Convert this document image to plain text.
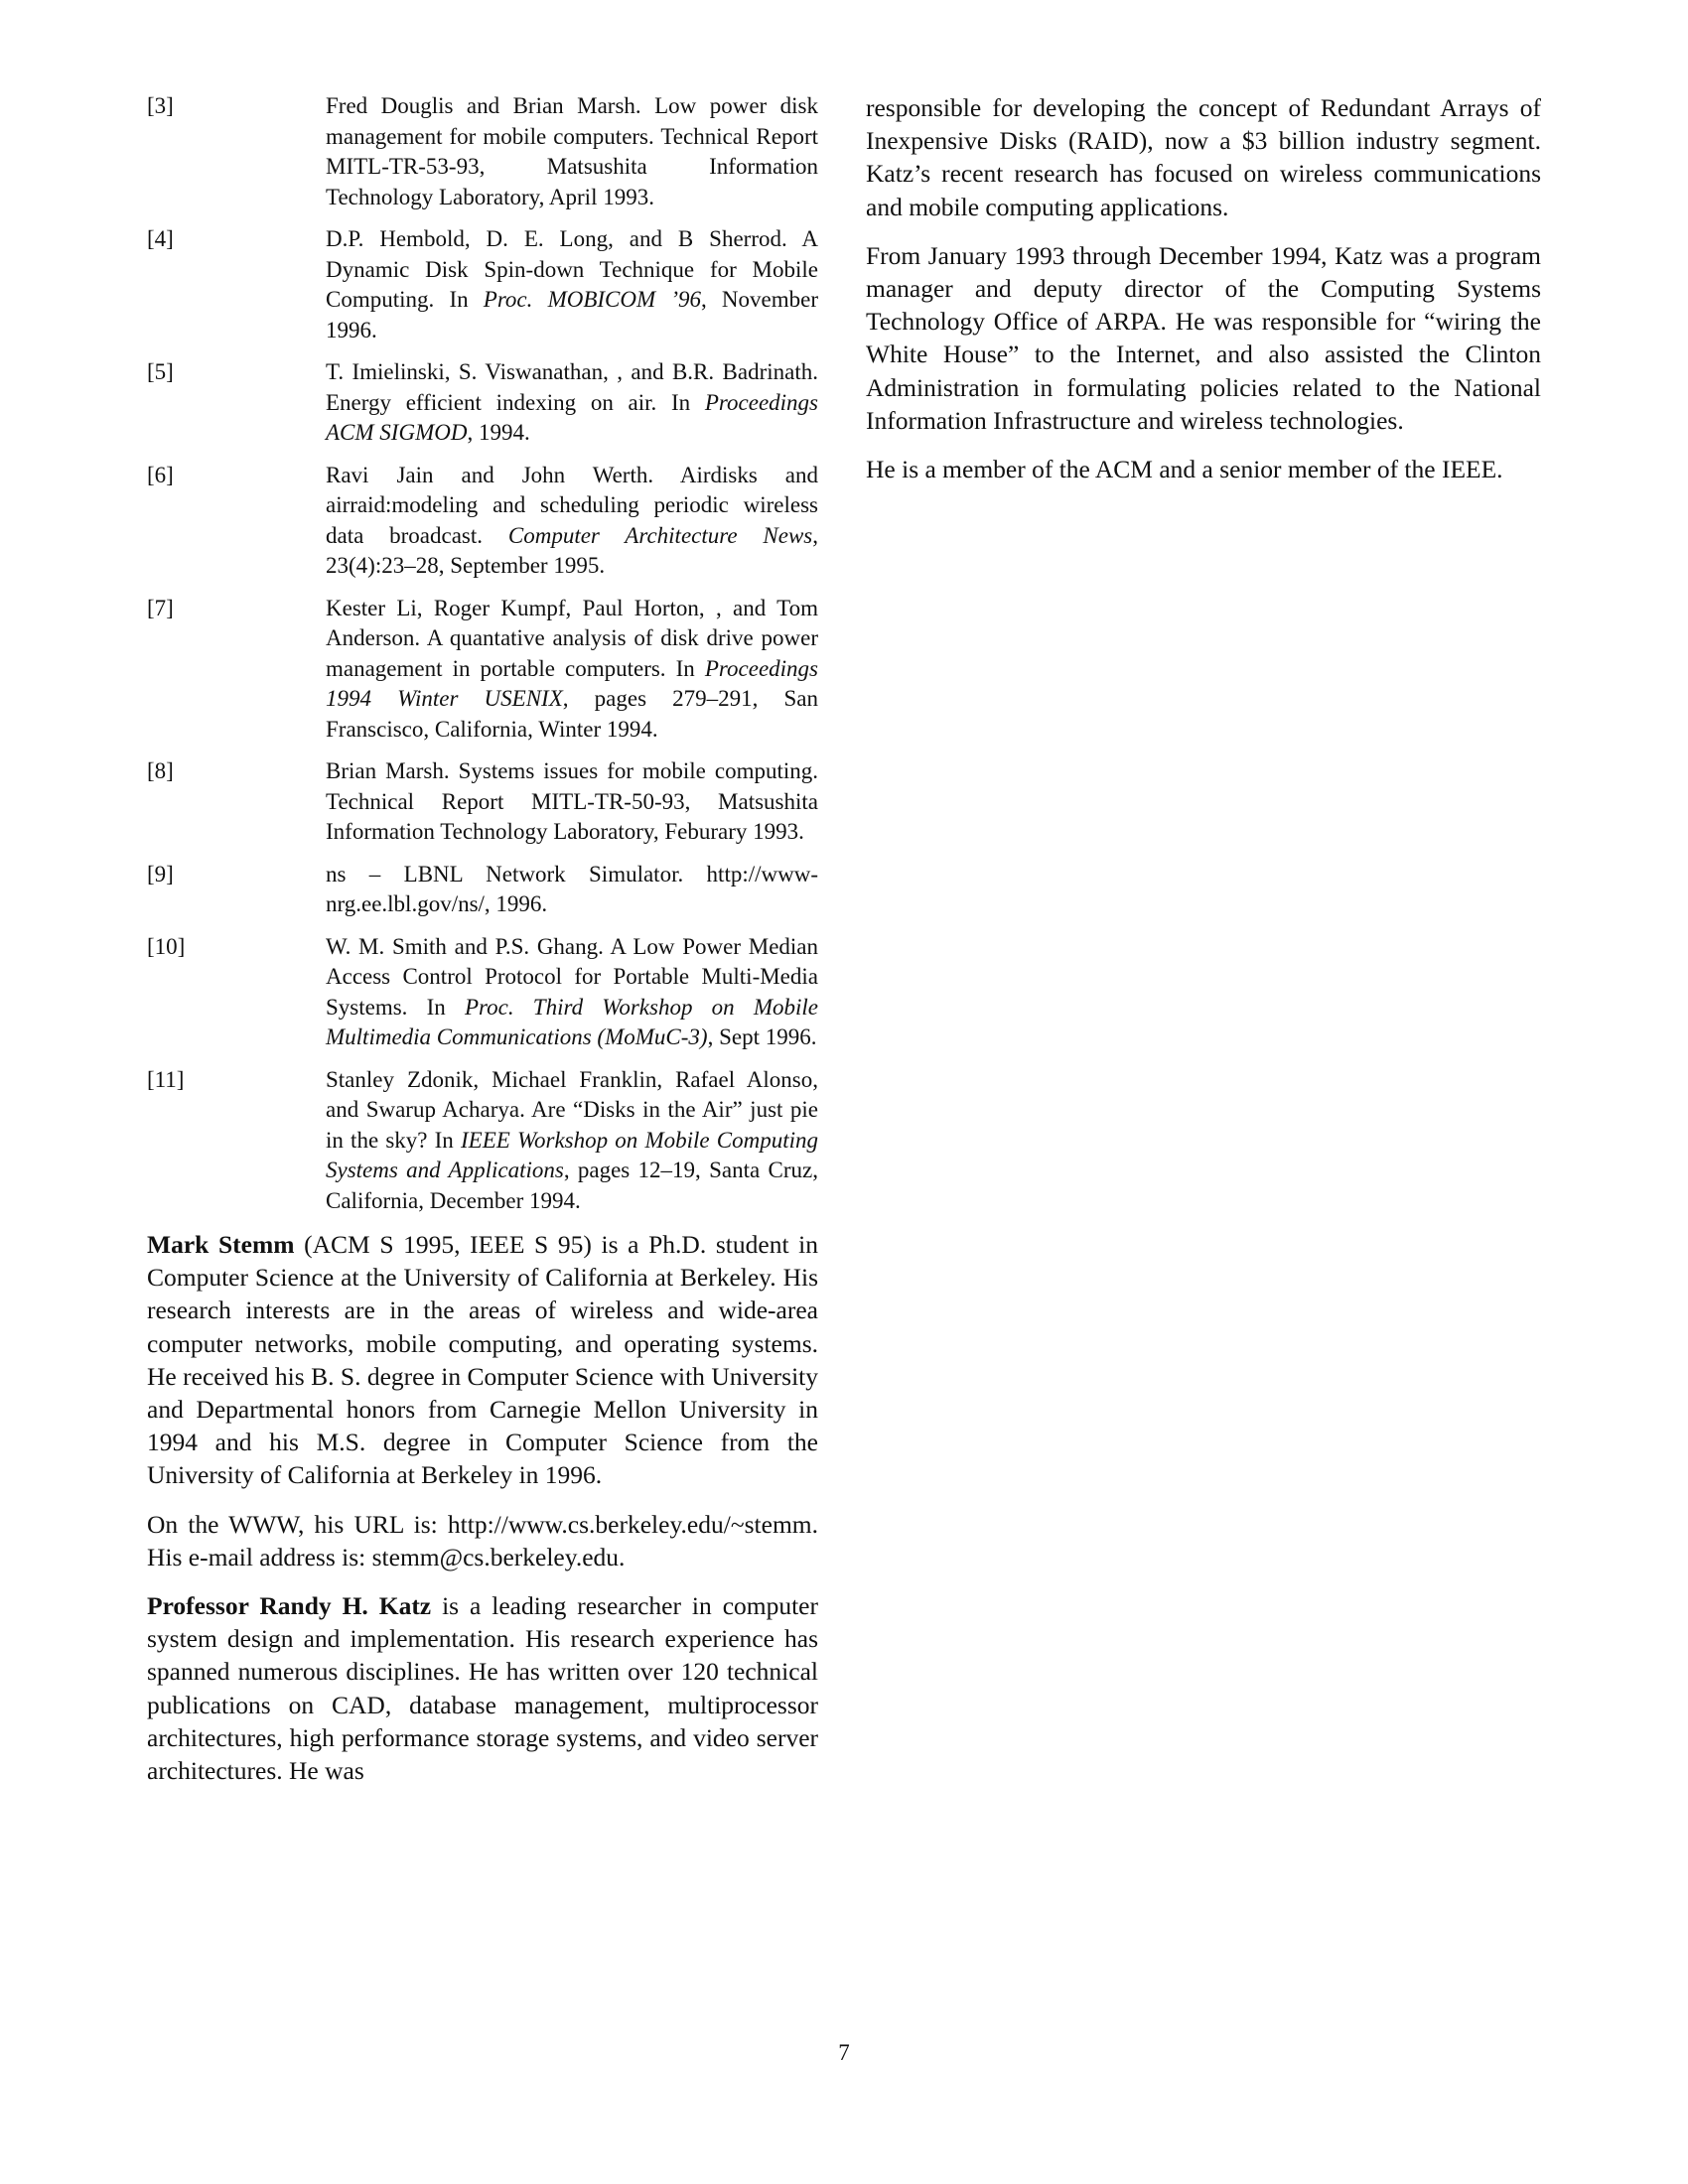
[3]	Fred Douglis and Brian Marsh. Low power disk management for mobile computers. Technical Report MITL-TR-53-93, Matsushita Information Technology Laboratory, April 1993.
[4]	D.P. Hembold, D. E. Long, and B Sherrod. A Dynamic Disk Spin-down Technique for Mobile Computing. In Proc. MOBICOM ’96, November 1996.
[5]	T. Imielinski, S. Viswanathan, , and B.R. Badrinath. Energy efficient indexing on air. In Proceedings ACM SIGMOD, 1994.
[6]	Ravi Jain and John Werth. Airdisks and airraid:modeling and scheduling periodic wireless data broadcast. Computer Architecture News, 23(4):23–28, September 1995.
[7]	Kester Li, Roger Kumpf, Paul Horton, , and Tom Anderson. A quantative analysis of disk drive power management in portable computers. In Proceedings 1994 Winter USENIX, pages 279–291, San Franscisco, California, Winter 1994.
[8]	Brian Marsh. Systems issues for mobile computing. Technical Report MITL-TR-50-93, Matsushita Information Technology Laboratory, Feburary 1993.
[9]	ns – LBNL Network Simulator. http://www-nrg.ee.lbl.gov/ns/, 1996.
[10]	W. M. Smith and P.S. Ghang. A Low Power Median Access Control Protocol for Portable Multi-Media Systems. In Proc. Third Workshop on Mobile Multimedia Communications (MoMuC-3), Sept 1996.
[11]	Stanley Zdonik, Michael Franklin, Rafael Alonso, and Swarup Acharya. Are “Disks in the Air” just pie in the sky? In IEEE Workshop on Mobile Computing Systems and Applications, pages 12–19, Santa Cruz, California, December 1994.

Mark Stemm (ACM S 1995, IEEE S 95) is a Ph.D. student in Computer Science at the University of California at Berkeley. His research interests are in the areas of wireless and wide-area computer networks, mobile computing, and operating systems. He received his B. S. degree in Computer Science with University and Departmental honors from Carnegie Mellon University in 1994 and his M.S. degree in Computer Science from the University of California at Berkeley in 1996.

On the WWW, his URL is: http://www.cs.berkeley.edu/~stemm. His e-mail address is: stemm@cs.berkeley.edu.

Professor Randy H. Katz is a leading researcher in computer system design and implementation. His research experience has spanned numerous disciplines. He has written over 120 technical publications on CAD, database management, multiprocessor architectures, high performance storage systems, and video server architectures. He was

responsible for developing the concept of Redundant Arrays of Inexpensive Disks (RAID), now a $3 billion industry segment. Katz’s recent research has focused on wireless communications and mobile computing applications.

From January 1993 through December 1994, Katz was a program manager and deputy director of the Computing Systems Technology Office of ARPA. He was responsible for “wiring the White House” to the Internet, and also assisted the Clinton Administration in formulating policies related to the National Information Infrastructure and wireless technologies.

He is a member of the ACM and a senior member of the IEEE.

7
